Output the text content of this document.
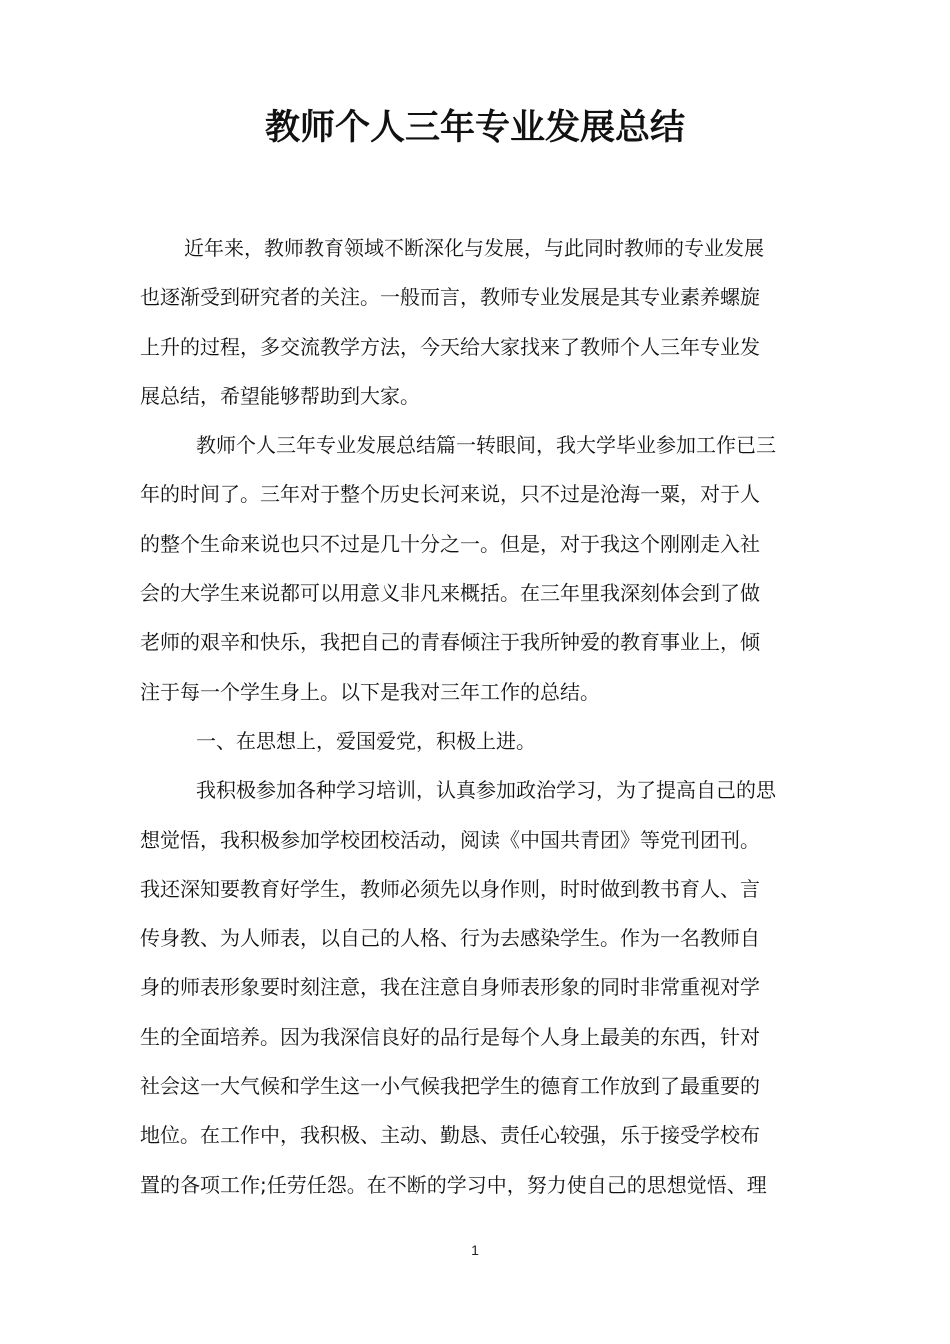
教师个人三年专业发展总结
近年来，教师教育领域不断深化与发展，与此同时教师的专业发展
也逐渐受到研究者的关注。一般而言，教师专业发展是其专业素养螺旋
上升的过程，多交流教学方法，今天给大家找来了教师个人三年专业发
展总结，希望能够帮助到大家。
教师个人三年专业发展总结篇一转眼间，我大学毕业参加工作已三
年的时间了。三年对于整个历史长河来说，只不过是沧海一粟，对于人
的整个生命来说也只不过是几十分之一。但是，对于我这个刚刚走入社
会的大学生来说都可以用意义非凡来概括。在三年里我深刻体会到了做
老师的艰辛和快乐，我把自己的青春倾注于我所钟爱的教育事业上，倾
注于每一个学生身上。以下是我对三年工作的总结。
一、在思想上，爱国爱党，积极上进。
我积极参加各种学习培训，认真参加政治学习，为了提高自己的思
想觉悟，我积极参加学校团校活动，阅读《中国共青团》等党刊团刊。
我还深知要教育好学生，教师必须先以身作则，时时做到教书育人、言
传身教、为人师表，以自己的人格、行为去感染学生。作为一名教师自
身的师表形象要时刻注意，我在注意自身师表形象的同时非常重视对学
生的全面培养。因为我深信良好的品行是每个人身上最美的东西，针对
社会这一大气候和学生这一小气候我把学生的德育工作放到了最重要的
地位。在工作中，我积极、主动、勤恳、责任心较强，乐于接受学校布
置的各项工作;任劳任怨。在不断的学习中，努力使自己的思想觉悟、理
1
